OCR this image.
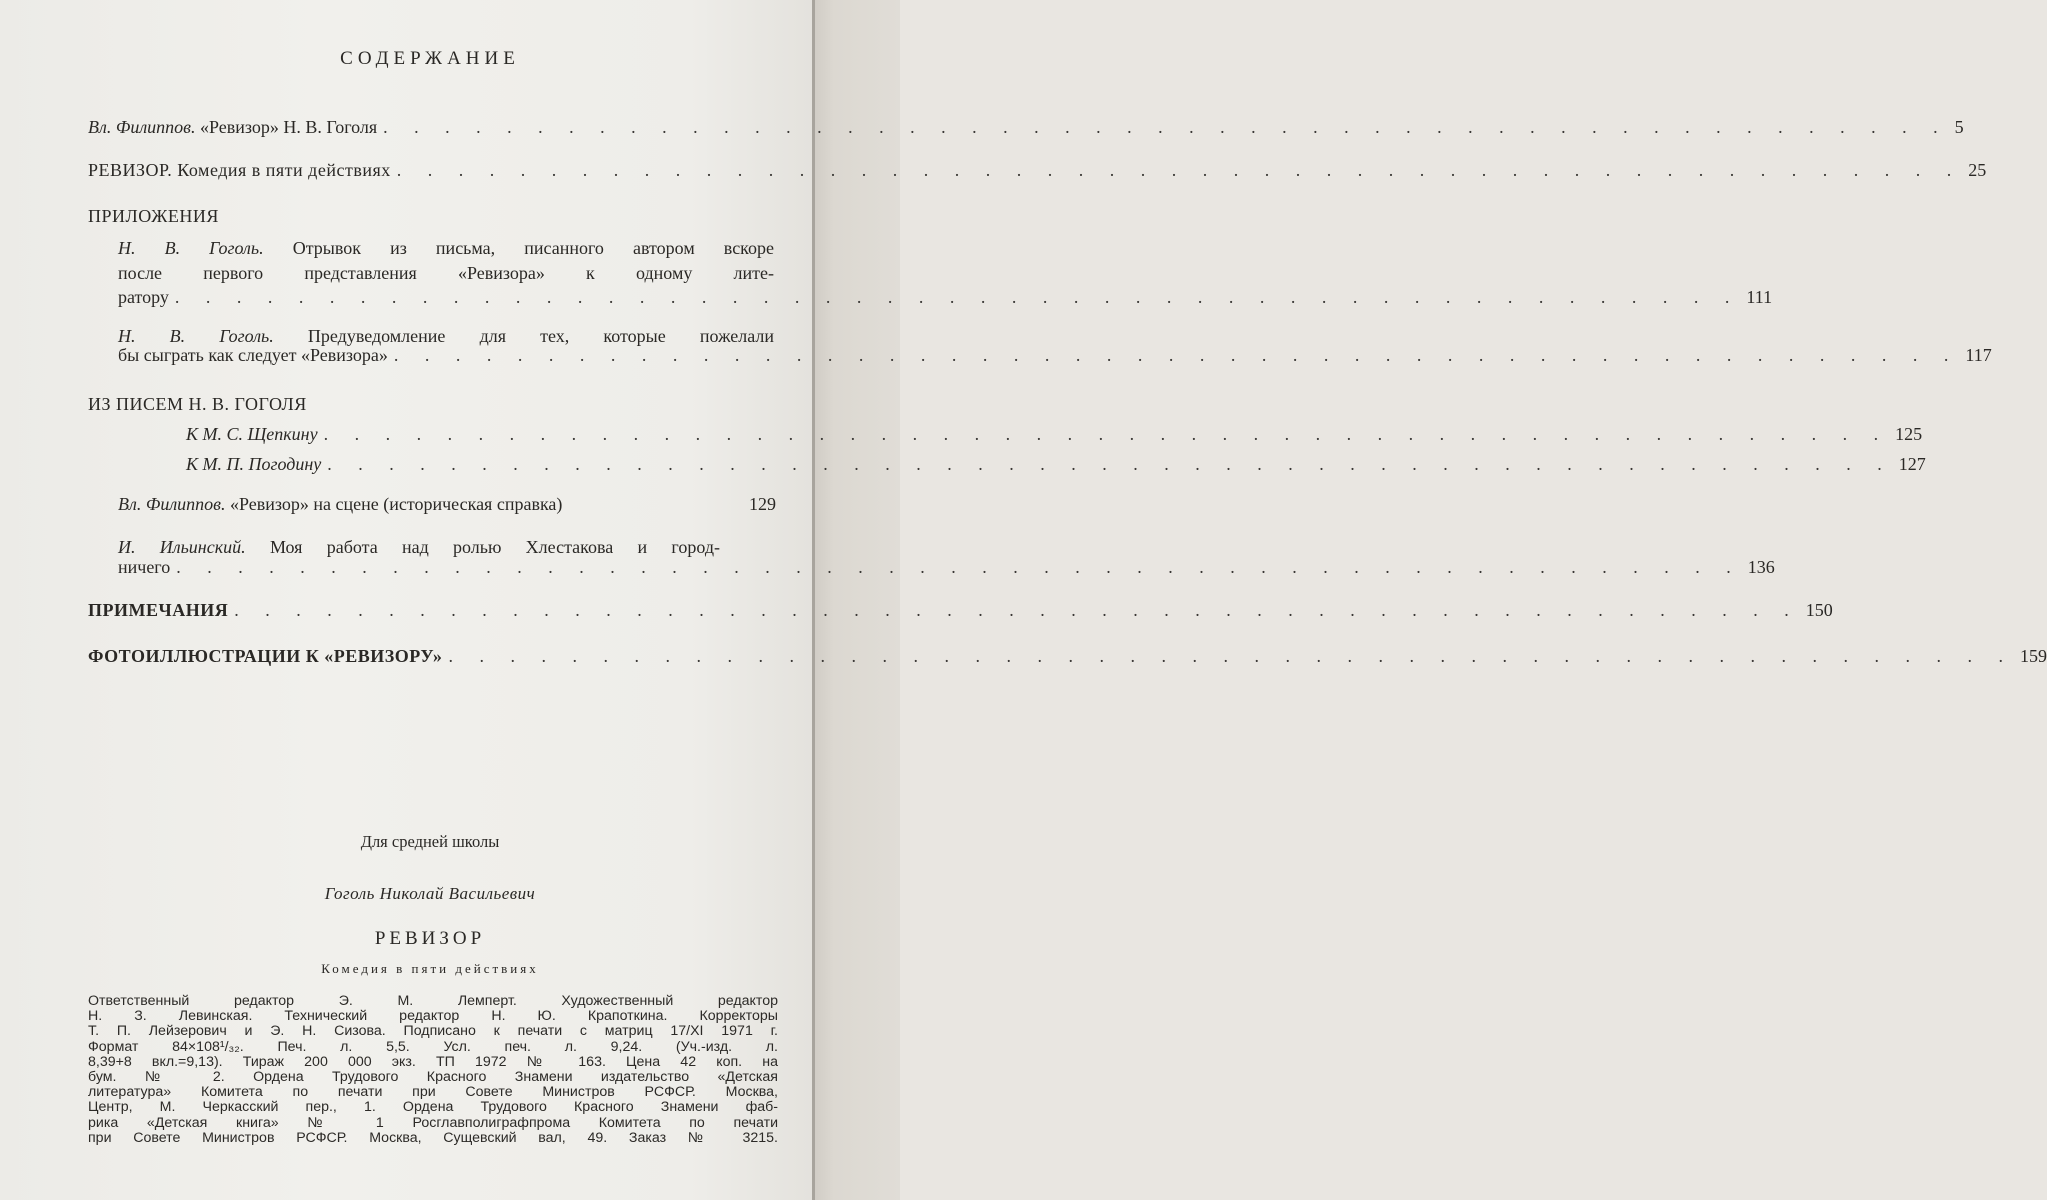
СОДЕРЖАНИЕ
Вл. Филиппов. «Ревизор» Н. В. Гоголя . . . . . . . . . . . . . . . . . . . . . . . . . . . . . . . . . . . . . . . . . . . . . . . . . . . 5
РЕВИЗОР. Комедия в пяти действиях . . . . . . . . . . . . . . . . . . . . . . . . . . . . . . . . . . . . . . . . . . . . . . . . . . . 25
ПРИЛОЖЕНИЯ
Н. В. Гоголь. Отрывок из письма, писанного автором вскоре
после первого представления «Ревизора» к одному лите-
ратору . . . . . . . . . . . . . . . . . . . . . . . . . . . . . . . . . . . . . . . . . . . . . . . . . . . 111
Н. В. Гоголь. Предуведомление для тех, которые пожелали
бы сыграть как следует «Ревизора» . . . . . . . . . . . . . . . . . . . . . . . . . . . . . . . . . . . . . . . . . . . . . . . . . . . 117
ИЗ ПИСЕМ Н. В. ГОГОЛЯ
К М. С. Щепкину . . . . . . . . . . . . . . . . . . . . . . . . . . . . . . . . . . . . . . . . . . . . . . . . . . . 125
К М. П. Погодину . . . . . . . . . . . . . . . . . . . . . . . . . . . . . . . . . . . . . . . . . . . . . . . . . . . 127
Вл. Филиппов. «Ревизор» на сцене (историческая справка)	129
И. Ильинский. Моя работа над ролью Хлестакова и город-
ничего . . . . . . . . . . . . . . . . . . . . . . . . . . . . . . . . . . . . . . . . . . . . . . . . . . . 136
ПРИМЕЧАНИЯ . . . . . . . . . . . . . . . . . . . . . . . . . . . . . . . . . . . . . . . . . . . . . . . . . . . 150
ФОТОИЛЛЮСТРАЦИИ К «РЕВИЗОРУ» . . . . . . . . . . . . . . . . . . . . . . . . . . . . . . . . . . . . . . . . . . . . . . . . . . . 159
Для средней школы
Гоголь Николай Васильевич
РЕВИЗОР
Комедия в пяти действиях
Ответственный редактор Э. М. Лемперт. Художественный редактор
Н. З. Левинская. Технический редактор Н. Ю. Крапоткина. Корректоры
Т. П. Лейзерович и Э. Н. Сизова. Подписано к печати с матриц 17/XI 1971 г.
Формат 84×108¹/₃₂. Печ. л. 5,5. Усл. печ. л. 9,24. (Уч.-изд. л.
8,39+8 вкл.=9,13). Тираж 200 000 экз. ТП 1972 № 163. Цена 42 коп. на
бум. № 2. Ордена Трудового Красного Знамени издательство «Детская
литература» Комитета по печати при Совете Министров РСФСР. Москва,
Центр, М. Черкасский пер., 1. Ордена Трудового Красного Знамени фаб-
рика «Детская книга» № 1 Росглавполиграфпрома Комитета по печати
при Совете Министров РСФСР. Москва, Сущевский вал, 49. Заказ № 3215.
